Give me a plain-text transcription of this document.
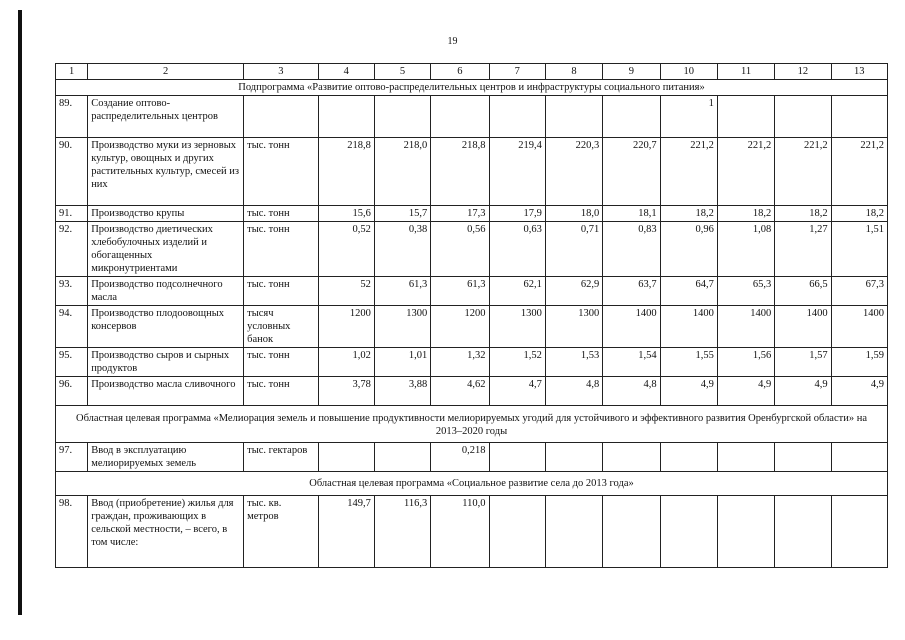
19
1	2	3	4	5	6	7	8	9	10	11	12	13
Подпрограмма «Развитие оптово-распределительных центров и инфраструктуры социального питания»												
89.	Создание оптово-распределительных центров								1			
90.	Производство муки из зерновых культур, овощных и других растительных культур, смесей из них	тыс. тонн	218,8	218,0	218,8	219,4	220,3	220,7	221,2	221,2	221,2	221,2
91.	Производство крупы	тыс. тонн	15,6	15,7	17,3	17,9	18,0	18,1	18,2	18,2	18,2	18,2
92.	Производство диетических хлебобулочных изделий и обогащенных микронутриентами	тыс. тонн	0,52	0,38	0,56	0,63	0,71	0,83	0,96	1,08	1,27	1,51
93.	Производство подсолнечного масла	тыс. тонн	52	61,3	61,3	62,1	62,9	63,7	64,7	65,3	66,5	67,3
94.	Производство плодоовощных консервов	тысяч условных банок	1200	1300	1200	1300	1300	1400	1400	1400	1400	1400
95.	Производство сыров и сырных продуктов	тыс. тонн	1,02	1,01	1,32	1,52	1,53	1,54	1,55	1,56	1,57	1,59
96.	Производство масла сливочного	тыс. тонн	3,78	3,88	4,62	4,7	4,8	4,8	4,9	4,9	4,9	4,9
Областная целевая программа «Мелиорация земель и повышение продуктивности мелиорируемых угодий для устойчивого и эффективного развития Оренбургской области» на 2013–2020 годы												
97.	Ввод в эксплуатацию мелиорируемых земель	тыс. гектаров			0,218							
Областная целевая программа «Социальное развитие села до 2013 года»												
98.	Ввод (приобретение) жилья для граждан, проживающих в сельской местности, – всего, в том числе:	тыс. кв. метров	149,7	116,3	110,0							
